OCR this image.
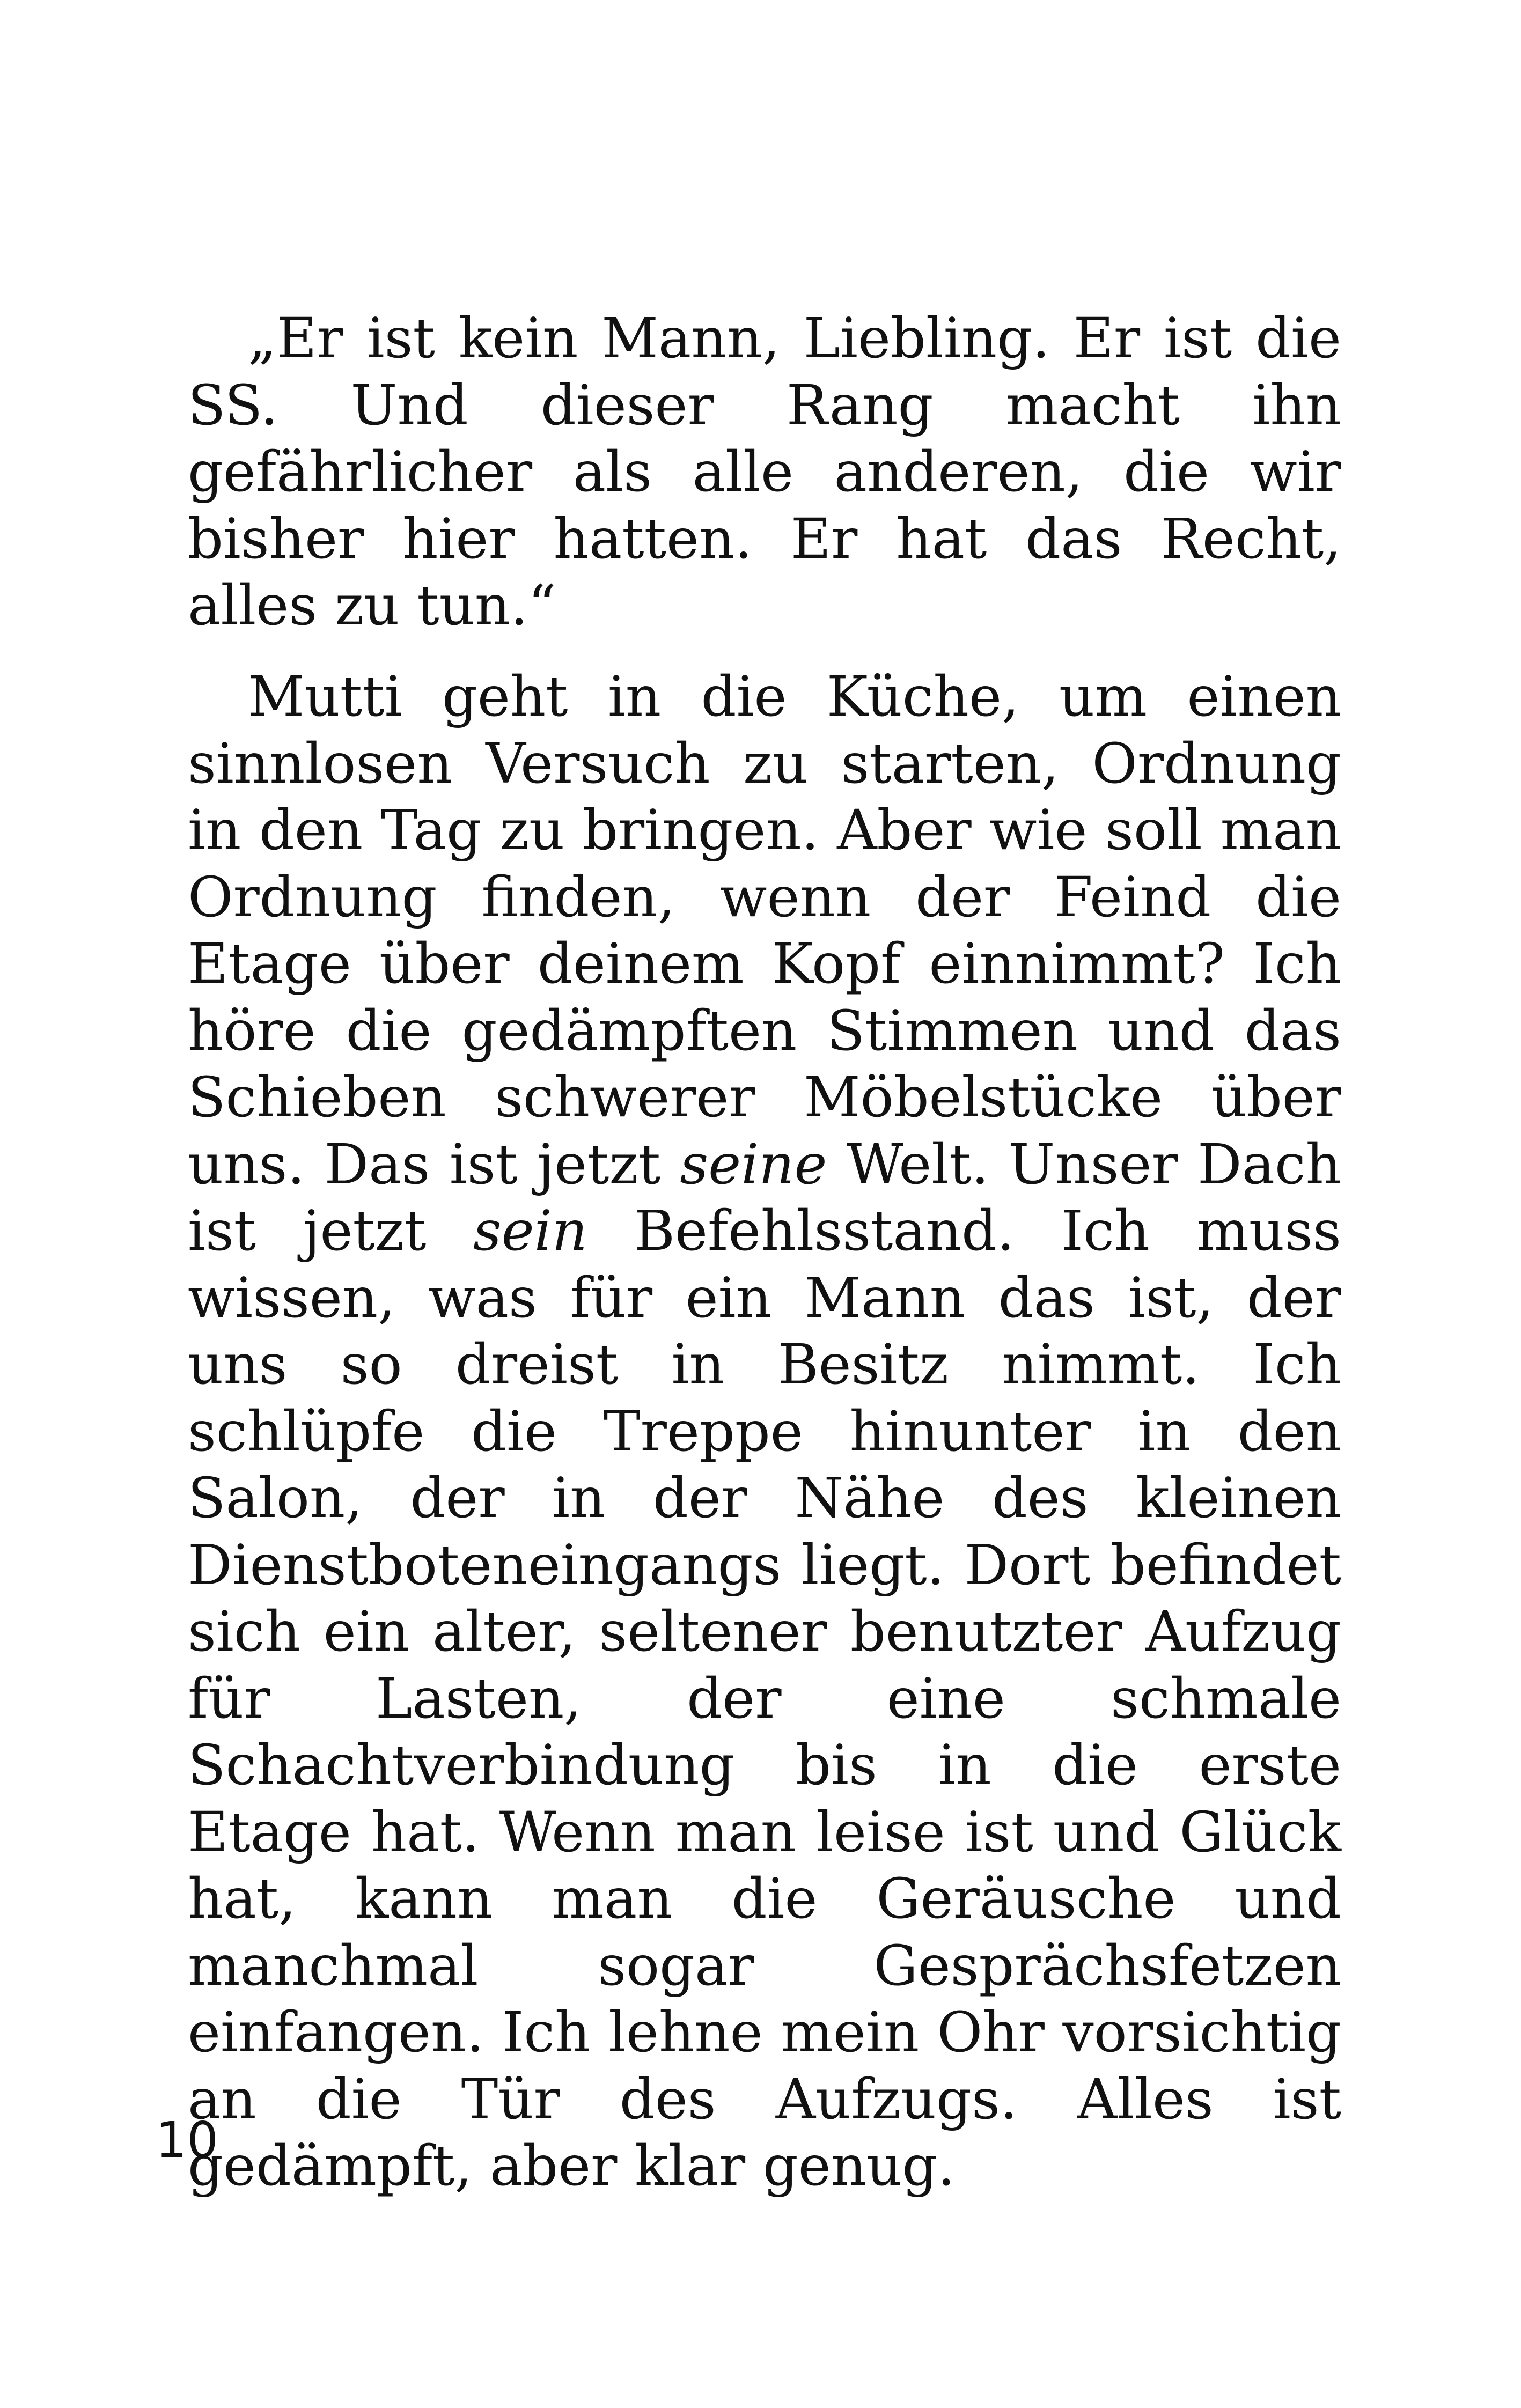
„Er ist kein Mann, Liebling. Er ist die SS. Und dieser Rang macht ihn gefährlicher als alle anderen, die wir bisher hier hatten. Er hat das Recht, alles zu tun.“

Mutti geht in die Küche, um einen sinnlosen Versuch zu starten, Ordnung in den Tag zu bringen. Aber wie soll man Ordnung finden, wenn der Feind die Etage über deinem Kopf einnimmt? Ich höre die gedämpften Stimmen und das Schieben schwerer Möbelstücke über uns. Das ist jetzt seine Welt. Unser Dach ist jetzt sein Befehlsstand. Ich muss wissen, was für ein Mann das ist, der uns so dreist in Besitz nimmt. Ich schlüpfe die Treppe hinunter in den Salon, der in der Nähe des kleinen Dienstboteneingangs liegt. Dort befindet sich ein alter, seltener benutzter Aufzug für Lasten, der eine schmale Schachtverbindung bis in die erste Etage hat. Wenn man leise ist und Glück hat, kann man die Geräusche und manchmal sogar Gesprächsfetzen einfangen. Ich lehne mein Ohr vorsichtig an die Tür des Aufzugs. Alles ist gedämpft, aber klar genug.

10
